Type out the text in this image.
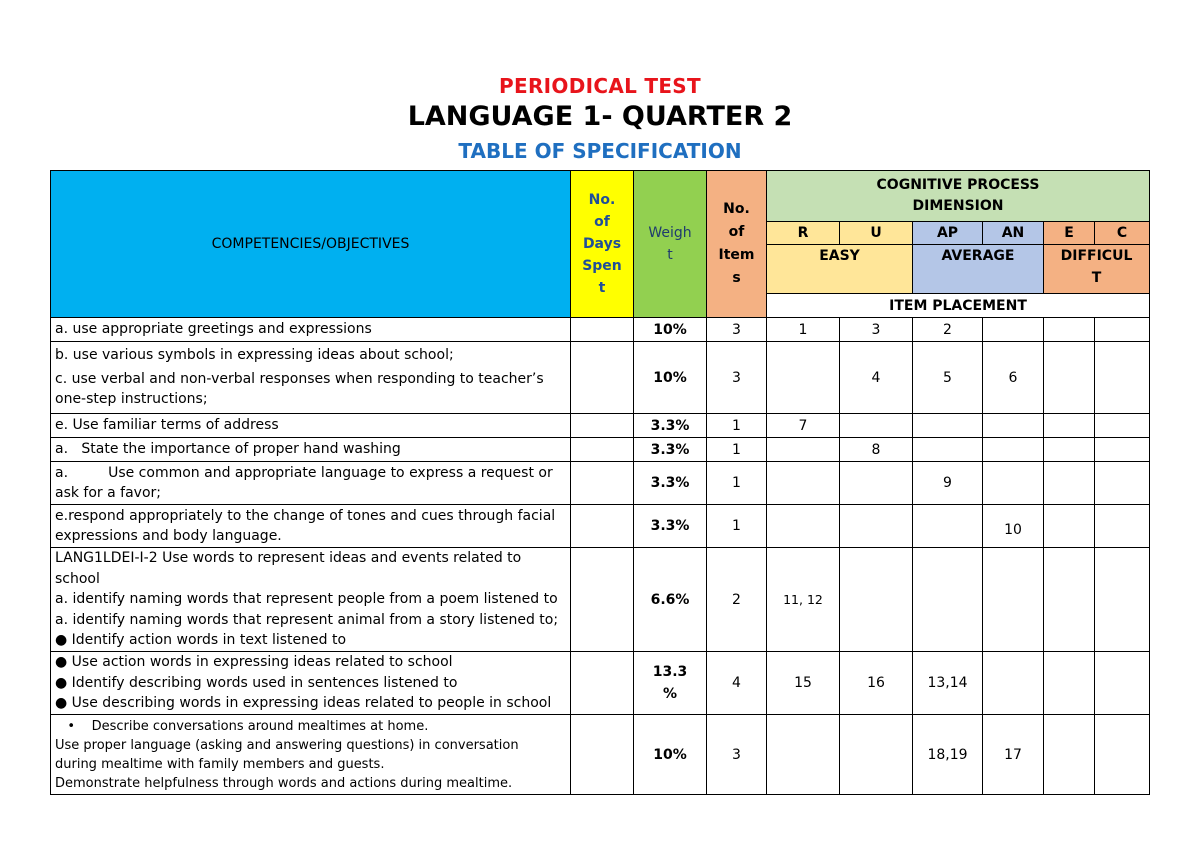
PERIODICAL TEST
LANGUAGE 1- QUARTER 2
TABLE OF SPECIFICATION
COMPETENCIES/OBJECTIVES	No.
of
Days
Spen
t	Weigh
t	No.
of
Item
s	COGNITIVE PROCESS
DIMENSION					
				R	U	AP	AN	E	C
				EASY		AVERAGE		DIFFICUL
T	
				ITEM PLACEMENT					

a. use appropriate greetings and expressions		10%	3	1	3	2			

b. use various symbols in expressing ideas about school;
c. use verbal and non-verbal responses when responding to teacher’s
one-step instructions;		10%	3		4	5	6		

e. Use familiar terms of address		3.3%	1	7					

a.   State the importance of proper hand washing		3.3%	1		8				

a.         Use common and appropriate language to express a request or
ask for a favor;		3.3%	1			9			

e.respond appropriately to the change of tones and cues through facial
expressions and body language.		3.3%	1				10		

LANG1LDEI-I-2 Use words to represent ideas and events related to
school
a. identify naming words that represent people from a poem listened to
a. identify naming words that represent animal from a story listened to;
● Identify action words in text listened to		6.6%	2	11, 12					

● Use action words in expressing ideas related to school
● Identify describing words used in sentences listened to
● Use describing words in expressing ideas related to people in school		13.3
%	4	15	16	13,14			

•    Describe conversations around mealtimes at home.
Use proper language (asking and answering questions) in conversation
during mealtime with family members and guests.
Demonstrate helpfulness through words and actions during mealtime.		10%	3			18,19	17		
